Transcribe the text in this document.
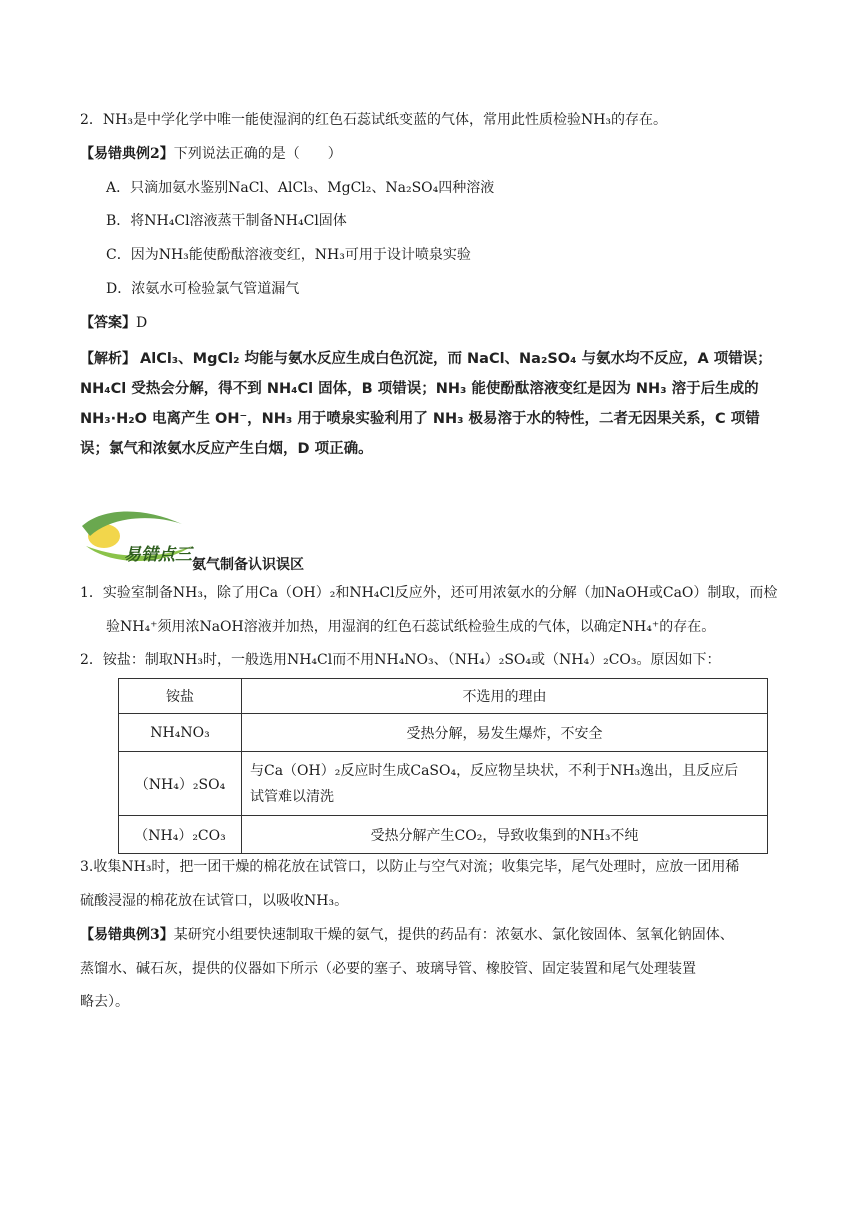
2．NH₃是中学化学中唯一能使湿润的红色石蕊试纸变蓝的气体，常用此性质检验NH₃的存在。
【易错典例2】下列说法正确的是（　　）
A．只滴加氨水鉴别NaCl、AlCl₃、MgCl₂、Na₂SO₄四种溶液
B．将NH₄Cl溶液蒸干制备NH₄Cl固体
C．因为NH₃能使酚酞溶液变红，NH₃可用于设计喷泉实验
D．浓氨水可检验氯气管道漏气
【答案】D
【解析】 AlCl₃、MgCl₂ 均能与氨水反应生成白色沉淀，而 NaCl、Na₂SO₄ 与氨水均不反应，A 项错误；
NH₄Cl 受热会分解，得不到 NH₄Cl 固体，B 项错误；NH₃ 能使酚酞溶液变红是因为 NH₃ 溶于后生成的
NH₃·H₂O 电离产生 OH⁻，NH₃ 用于喷泉实验利用了 NH₃ 极易溶于水的特性，二者无因果关系，C 项错
误；氯气和浓氨水反应产生白烟，D 项正确。
易错点三 氨气制备认识误区
1．实验室制备NH₃，除了用Ca（OH）₂和NH₄Cl反应外，还可用浓氨水的分解（加NaOH或CaO）制取，而检
验NH₄⁺须用浓NaOH溶液并加热，用湿润的红色石蕊试纸检验生成的气体，以确定NH₄⁺的存在。
2．铵盐：制取NH₃时，一般选用NH₄Cl而不用NH₄NO₃、（NH₄）₂SO₄或（NH₄）₂CO₃。原因如下：
铵盐	不选用的理由
NH₄NO₃	受热分解，易发生爆炸，不安全
（NH₄）₂SO₄	与Ca（OH）₂反应时生成CaSO₄，反应物呈块状，不利于NH₃逸出，且反应后
试管难以清洗

（NH₄）₂CO₃	受热分解产生CO₂，导致收集到的NH₃不纯
3.收集NH₃时，把一团干燥的棉花放在试管口，以防止与空气对流；收集完毕，尾气处理时，应放一团用稀
硫酸浸湿的棉花放在试管口，以吸收NH₃。
【易错典例3】某研究小组要快速制取干燥的氨气，提供的药品有：浓氨水、氯化铵固体、氢氧化钠固体、
蒸馏水、碱石灰，提供的仪器如下所示（必要的塞子、玻璃导管、橡胶管、固定装置和尾气处理装置
略去）。
